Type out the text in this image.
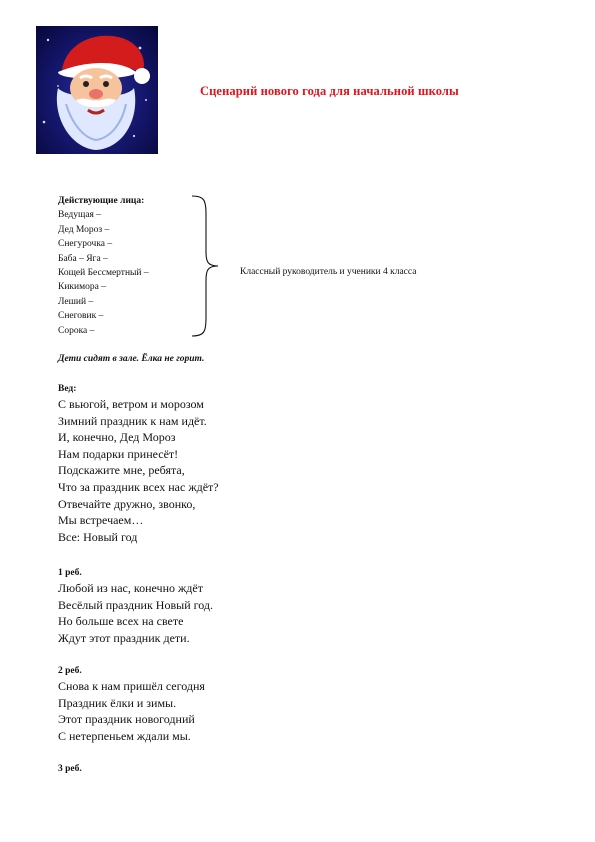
Сценарий нового года для начальной школы
Действующие лица:
Ведущая –
Дед Мороз –
Снегурочка –
Баба – Яга –
Кощей Бессмертный –
Кикимора –
Леший –
Снеговик –
Сорока –
Классный руководитель и ученики 4 класса
Дети сидят в зале. Ёлка не горит.
Вед:
С вьюгой, ветром и морозом
Зимний праздник к нам идёт.
И, конечно, Дед Мороз
Нам подарки принесёт!
Подскажите мне, ребята,
Что за праздник всех нас ждёт?
Отвечайте дружно, звонко,
Мы встречаем…
Все: Новый год
1 реб.
Любой из нас, конечно ждёт
Весёлый праздник Новый год.
Но больше всех на свете
Ждут этот праздник дети.
2 реб.
Снова к нам пришёл сегодня
Праздник ёлки и зимы.
Этот праздник новогодний
С нетерпеньем ждали мы.
3 реб.
